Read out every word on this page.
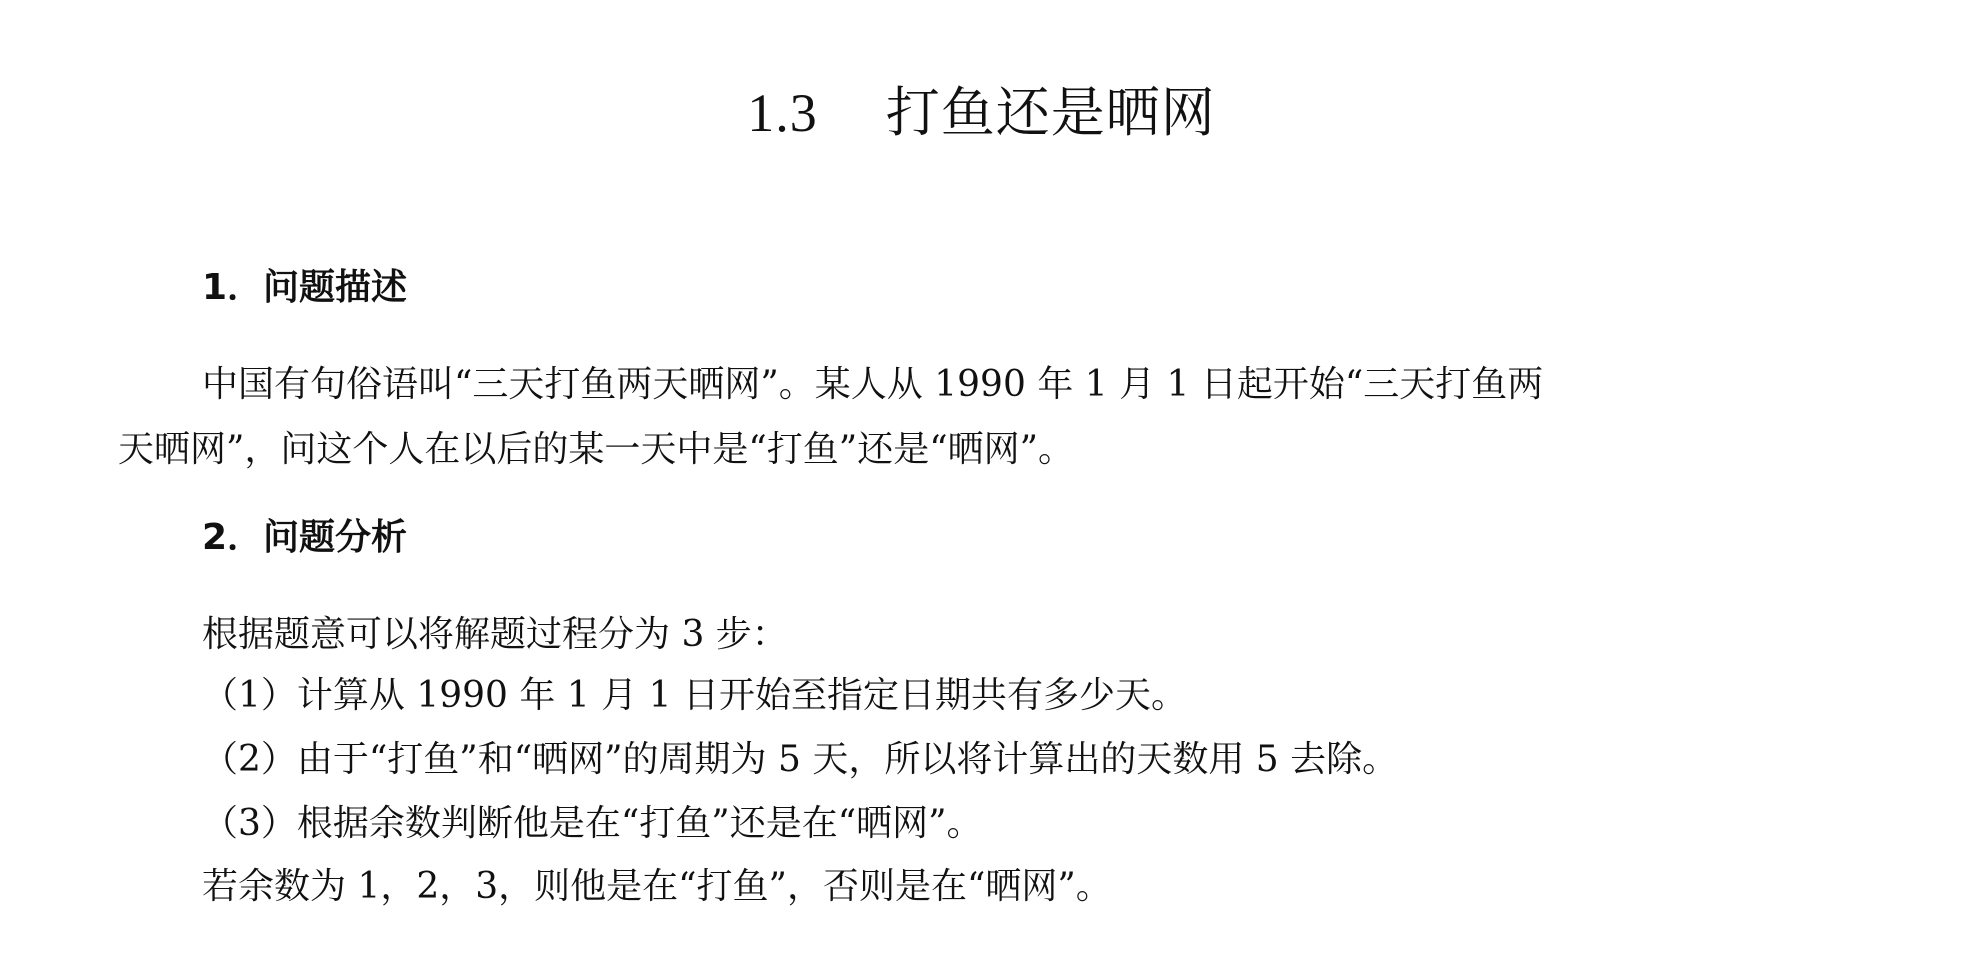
1.3 打鱼还是晒网
1．问题描述
中国有句俗语叫“三天打鱼两天晒网”。某人从 1990 年 1 月 1 日起开始“三天打鱼两
天晒网”，问这个人在以后的某一天中是“打鱼”还是“晒网”。
2．问题分析
根据题意可以将解题过程分为 3 步：
（1）计算从 1990 年 1 月 1 日开始至指定日期共有多少天。
（2）由于“打鱼”和“晒网”的周期为 5 天，所以将计算出的天数用 5 去除。
（3）根据余数判断他是在“打鱼”还是在“晒网”。
若余数为 1，2，3，则他是在“打鱼”，否则是在“晒网”。
